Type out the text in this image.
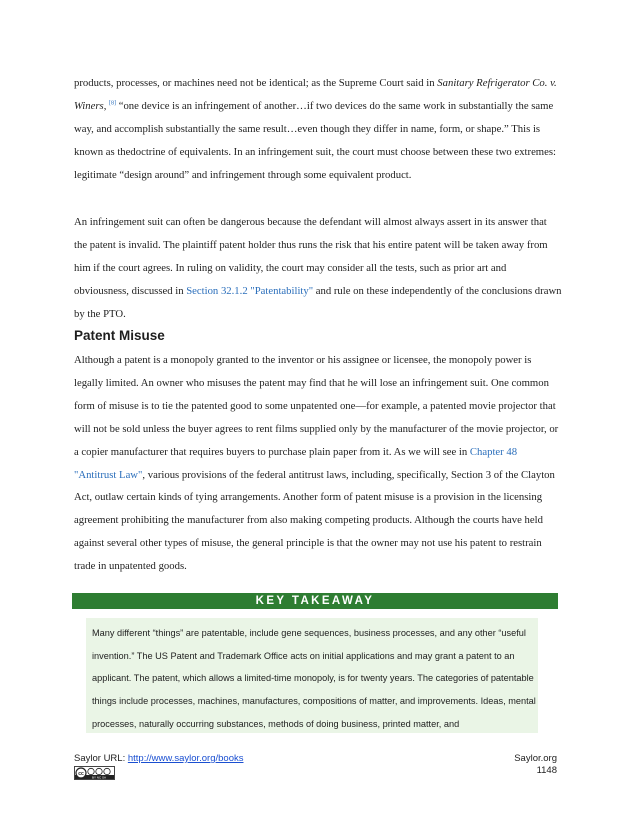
products, processes, or machines need not be identical; as the Supreme Court said in Sanitary Refrigerator Co. v. Winers, [8] “one device is an infringement of another…if two devices do the same work in substantially the same way, and accomplish substantially the same result…even though they differ in name, form, or shape.” This is known as thedoctrine of equivalents. In an infringement suit, the court must choose between these two extremes: legitimate “design around” and infringement through some equivalent product.

An infringement suit can often be dangerous because the defendant will almost always assert in its answer that the patent is invalid. The plaintiff patent holder thus runs the risk that his entire patent will be taken away from him if the court agrees. In ruling on validity, the court may consider all the tests, such as prior art and obviousness, discussed in Section 32.1.2 "Patentability" and rule on these independently of the conclusions drawn by the PTO.

Patent Misuse

Although a patent is a monopoly granted to the inventor or his assignee or licensee, the monopoly power is legally limited. An owner who misuses the patent may find that he will lose an infringement suit. One common form of misuse is to tie the patented good to some unpatented one—for example, a patented movie projector that will not be sold unless the buyer agrees to rent films supplied only by the manufacturer of the movie projector, or a copier manufacturer that requires buyers to purchase plain paper from it. As we will see in Chapter 48 "Antitrust Law", various provisions of the federal antitrust laws, including, specifically, Section 3 of the Clayton Act, outlaw certain kinds of tying arrangements. Another form of patent misuse is a provision in the licensing agreement prohibiting the manufacturer from also making competing products. Although the courts have held against several other types of misuse, the general principle is that the owner may not use his patent to restrain trade in unpatented goods.

KEY TAKEAWAY

Many different “things” are patentable, include gene sequences, business processes, and any other “useful invention.” The US Patent and Trademark Office acts on initial applications and may grant a patent to an applicant. The patent, which allows a limited-time monopoly, is for twenty years. The categories of patentable things include processes, machines, manufactures, compositions of matter, and improvements. Ideas, mental processes, naturally occurring substances, methods of doing business, printed matter, and

Saylor URL: http://www.saylor.org/books
cc
BY NC SA
Saylor.org
1148
